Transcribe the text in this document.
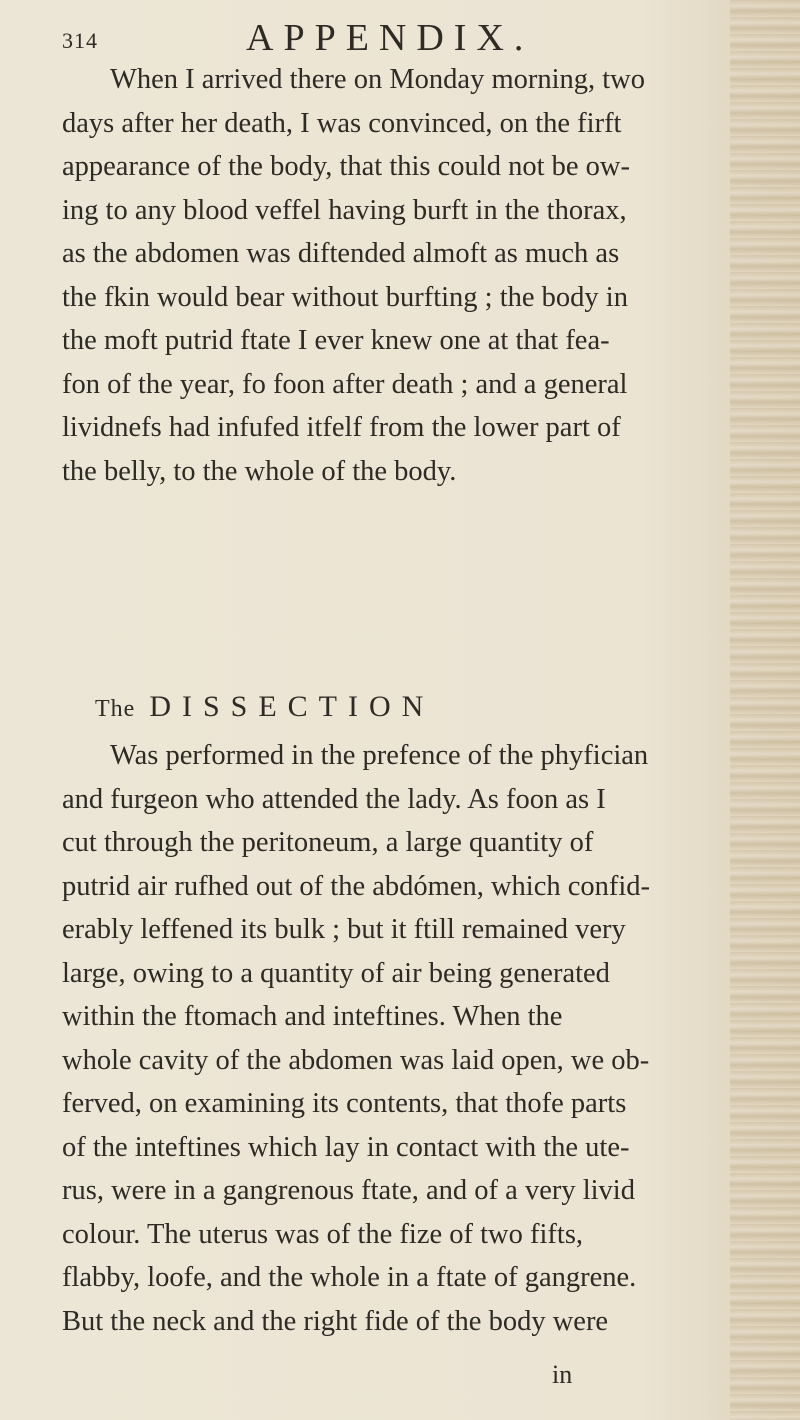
314	APPENDIX.

When I arrived there on Monday morning, two
days after her death, I was convinced, on the firft
appearance of the body, that this could not be ow-
ing to any blood veffel having burft in the thorax,
as the abdomen was diftended almoft as much as
the fkin would bear without burfting ; the body in
the moft putrid ftate I ever knew one at that fea-
fon of the year, fo foon after death ; and a general
lividnefs had infufed itfelf from the lower part of
the belly, to the whole of the body.

The DISSECTION

Was performed in the prefence of the phyfician
and furgeon who attended the lady. As foon as I
cut through the peritoneum, a large quantity of
putrid air rufhed out of the abdómen, which confid-
erably leffened its bulk ; but it ftill remained very
large, owing to a quantity of air being generated
within the ftomach and inteftines. When the
whole cavity of the abdomen was laid open, we ob-
ferved, on examining its contents, that thofe parts
of the inteftines which lay in contact with the ute-
rus, were in a gangrenous ftate, and of a very livid
colour. The uterus was of the fize of two fifts,
flabby, loofe, and the whole in a ftate of gangrene.
But the neck and the right fide of the body were

in
